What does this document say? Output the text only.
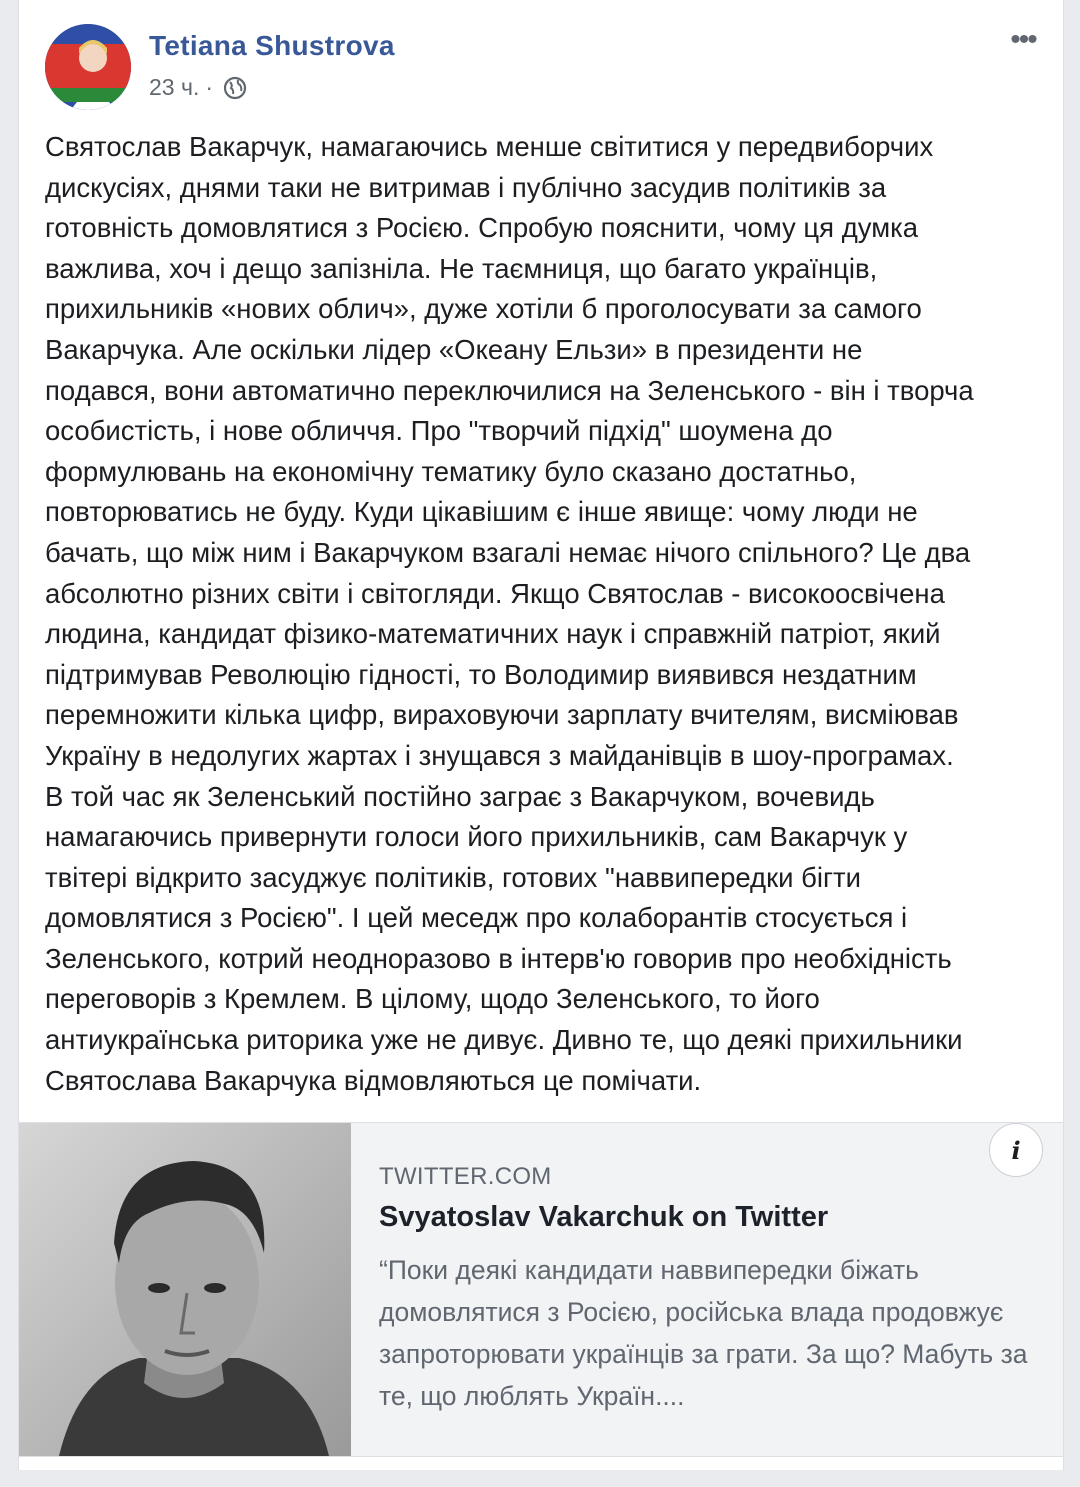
Tetiana Shustrova
23 ч. ·
•••
Святослав Вакарчук, намагаючись менше світитися у передвиборчих
дискусіях, днями таки не витримав і публічно засудив політиків за
готовність домовлятися з Росією. Спробую пояснити, чому ця думка
важлива, хоч і дещо запізніла. Не таємниця, що багато українців,
прихильників «нових облич», дуже хотіли б проголосувати за самого
Вакарчука. Але оскільки лідер «Океану Ельзи» в президенти не
подався, вони автоматично переключилися на Зеленського - він і творча
особистість, і нове обличчя. Про "творчий підхід" шоумена до
формулювань на економічну тематику було сказано достатньо,
повторюватись не буду. Куди цікавішим є інше явище: чому люди не
бачать, що між ним і Вакарчуком взагалі немає нічого спільного? Це два
абсолютно різних світи і світогляди. Якщо Святослав - високоосвічена
людина, кандидат фізико-математичних наук і справжній патріот, який
підтримував Революцію гідності, то Володимир виявився нездатним
перемножити кілька цифр, вираховуючи зарплату вчителям, висміював
Україну в недолугих жартах і знущався з майданівців в шоу-програмах.
В той час як Зеленський постійно заграє з Вакарчуком, вочевидь
намагаючись привернути голоси його прихильників, сам Вакарчук у
твітері відкрито засуджує політиків, готових "наввипередки бігти
домовлятися з Росією". І цей меседж про колаборантів стосується і
Зеленського, котрий неодноразово в інтерв'ю говорив про необхідність
переговорів з Кремлем. В цілому, щодо Зеленського, то його
антиукраїнська риторика уже не дивує. Дивно те, що деякі прихильники
Святослава Вакарчука відмовляються це помічати.
TWITTER.COM
Svyatoslav Vakarchuk on Twitter
“Поки деякі кандидати наввипередки біжать домовлятися з Росією, російська влада продовжує запроторювати українців за грати. За що? Мабуть за те, що люблять Україн....
i
